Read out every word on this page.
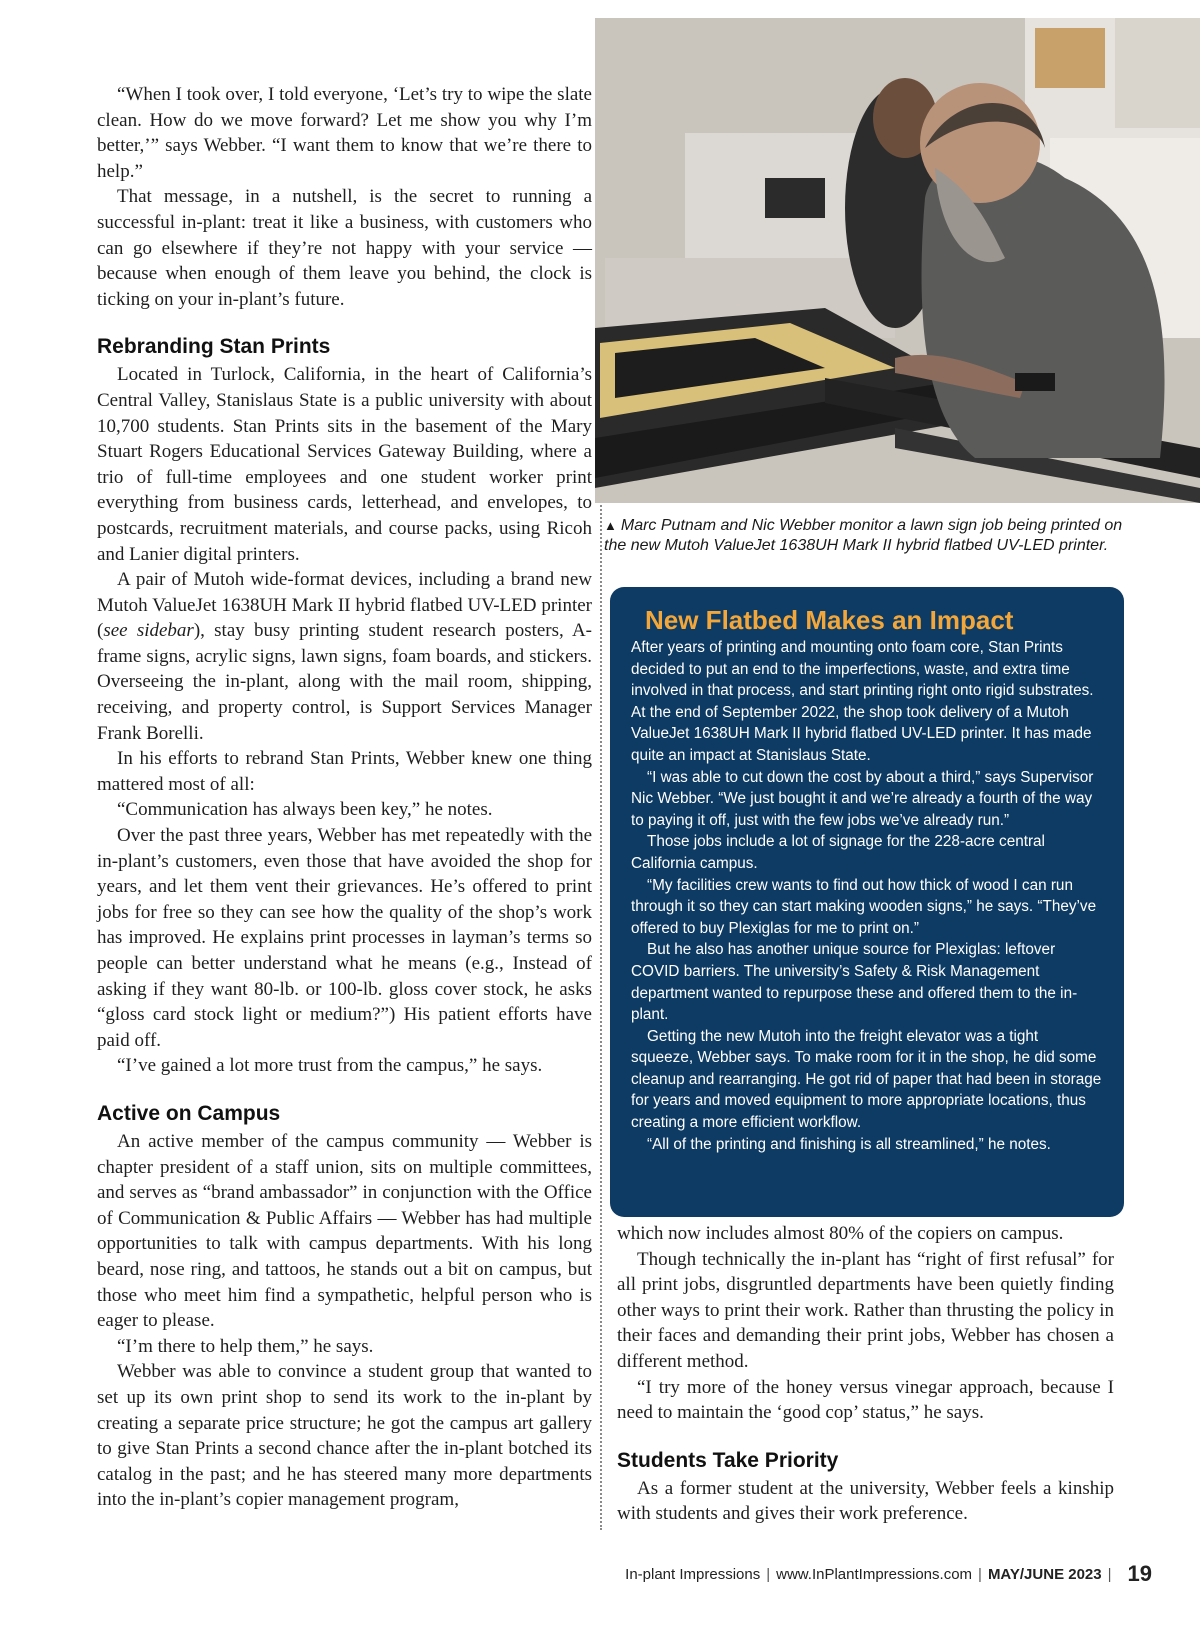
“When I took over, I told everyone, ‘Let’s try to wipe the slate clean. How do we move forward? Let me show you why I’m better,’” says Webber. “I want them to know that we’re there to help.”

That message, in a nutshell, is the secret to running a successful in-plant: treat it like a business, with customers who can go elsewhere if they’re not happy with your service — because when enough of them leave you behind, the clock is ticking on your in-plant’s future.

Rebranding Stan Prints

Located in Turlock, California, in the heart of California’s Central Valley, Stanislaus State is a public university with about 10,700 students. Stan Prints sits in the basement of the Mary Stuart Rogers Educational Services Gateway Building, where a trio of full-time employees and one student worker print everything from business cards, letterhead, and envelopes, to postcards, recruitment materials, and course packs, using Ricoh and Lanier digital printers.

A pair of Mutoh wide-format devices, including a brand new Mutoh ValueJet 1638UH Mark II hybrid flatbed UV-LED printer (see sidebar), stay busy printing student research posters, A-frame signs, acrylic signs, lawn signs, foam boards, and stickers. Overseeing the in-plant, along with the mail room, shipping, receiving, and property control, is Support Services Manager Frank Borelli.

In his efforts to rebrand Stan Prints, Webber knew one thing mattered most of all:

“Communication has always been key,” he notes.

Over the past three years, Webber has met repeatedly with the in-plant’s customers, even those that have avoided the shop for years, and let them vent their grievances. He’s offered to print jobs for free so they can see how the quality of the shop’s work has improved. He explains print processes in layman’s terms so people can better understand what he means (e.g., Instead of asking if they want 80-lb. or 100-lb. gloss cover stock, he asks “gloss card stock light or medium?”) His patient efforts have paid off.

“I’ve gained a lot more trust from the campus,” he says.

Active on Campus

An active member of the campus community — Webber is chapter president of a staff union, sits on multiple committees, and serves as “brand ambassador” in conjunction with the Office of Communication & Public Affairs — Webber has had multiple opportunities to talk with campus departments. With his long beard, nose ring, and tattoos, he stands out a bit on campus, but those who meet him find a sympathetic, helpful person who is eager to please.

“I’m there to help them,” he says.

Webber was able to convince a student group that wanted to set up its own print shop to send its work to the in-plant by creating a separate price structure; he got the campus art gallery to give Stan Prints a second chance after the in-plant botched its catalog in the past; and he has steered many more departments into the in-plant’s copier management program,

▲ Marc Putnam and Nic Webber monitor a lawn sign job being printed on the new Mutoh ValueJet 1638UH Mark II hybrid flatbed UV-LED printer.
New Flatbed Makes an Impact

After years of printing and mounting onto foam core, Stan Prints decided to put an end to the imperfections, waste, and extra time involved in that process, and start printing right onto rigid substrates. At the end of September 2022, the shop took delivery of a Mutoh ValueJet 1638UH Mark II hybrid flatbed UV-LED printer. It has made quite an impact at Stanislaus State.

“I was able to cut down the cost by about a third,” says Supervisor Nic Webber. “We just bought it and we’re already a fourth of the way to paying it off, just with the few jobs we’ve already run.”

Those jobs include a lot of signage for the 228-acre central California campus.

“My facilities crew wants to find out how thick of wood I can run through it so they can start making wooden signs,” he says. “They’ve offered to buy Plexiglas for me to print on.”

But he also has another unique source for Plexiglas: leftover COVID barriers. The university’s Safety & Risk Management department wanted to repurpose these and offered them to the in-plant.

Getting the new Mutoh into the freight elevator was a tight squeeze, Webber says. To make room for it in the shop, he did some cleanup and rearranging. He got rid of paper that had been in storage for years and moved equipment to more appropriate locations, thus creating a more efficient workflow.

“All of the printing and finishing is all streamlined,” he notes.

which now includes almost 80% of the copiers on campus.

Though technically the in-plant has “right of first refusal” for all print jobs, disgruntled departments have been quietly finding other ways to print their work. Rather than thrusting the policy in their faces and demanding their print jobs, Webber has chosen a different method.

“I try more of the honey versus vinegar approach, because I need to maintain the ‘good cop’ status,” he says.

Students Take Priority

As a former student at the university, Webber feels a kinship with students and gives their work preference.

In-plant Impressions | www.InPlantImpressions.com | MAY/JUNE 2023 | 19
